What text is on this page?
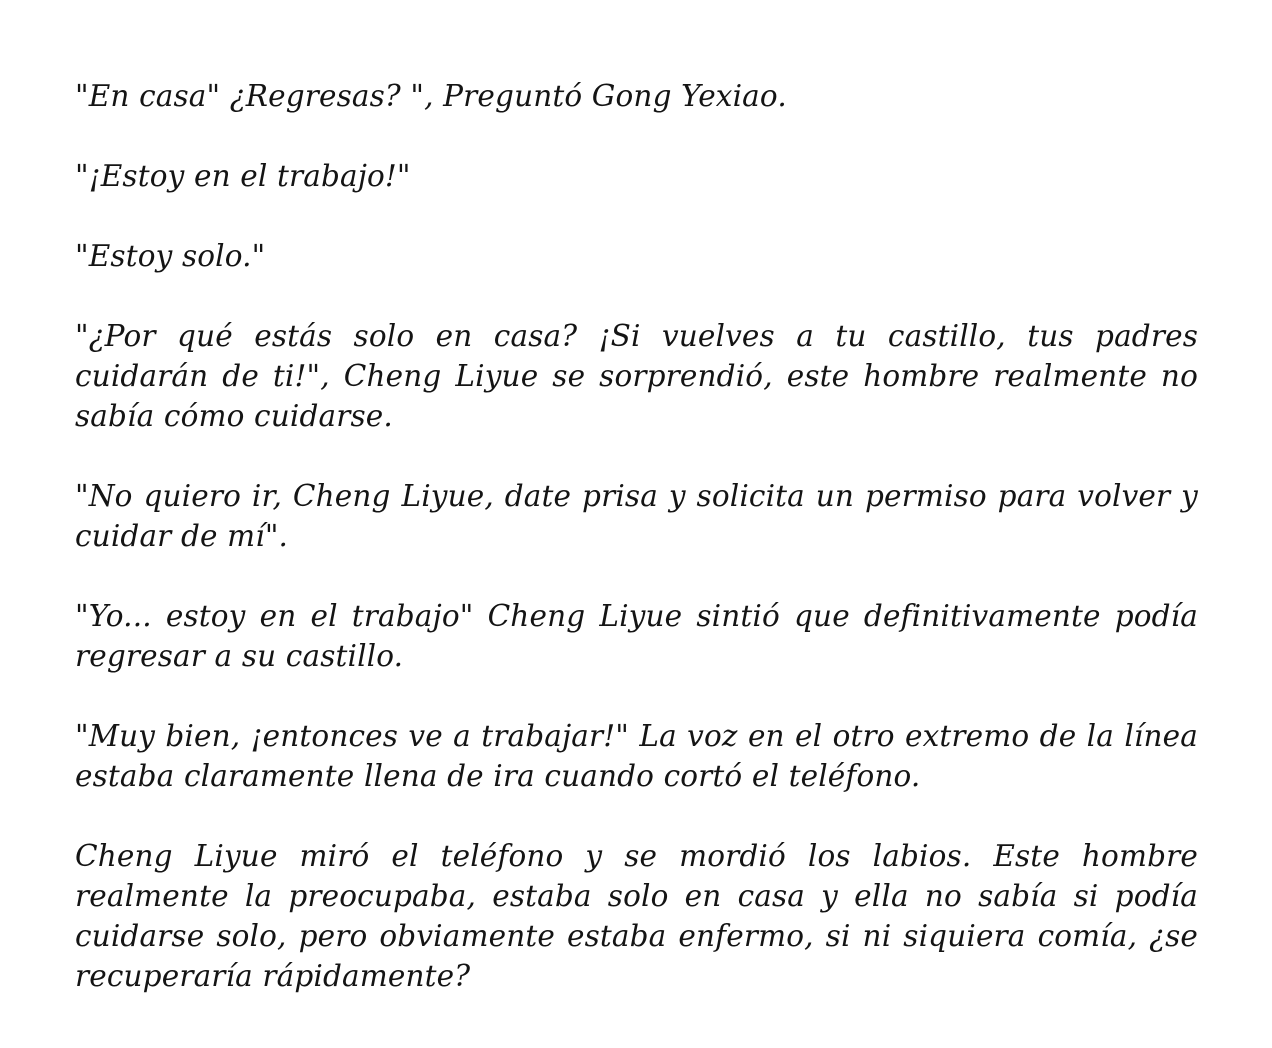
"En casa" ¿Regresas? ", Preguntó Gong Yexiao.

"¡Estoy en el trabajo!"

"Estoy solo."

"¿Por qué estás solo en casa? ¡Si vuelves a tu castillo, tus padres cuidarán de ti!", Cheng Liyue se sorprendió, este hombre realmente no sabía cómo cuidarse.

"No quiero ir, Cheng Liyue, date prisa y solicita un permiso para volver y cuidar de mí".

"Yo... estoy en el trabajo" Cheng Liyue sintió que definitivamente podía regresar a su castillo.

"Muy bien, ¡entonces ve a trabajar!" La voz en el otro extremo de la línea estaba claramente llena de ira cuando cortó el teléfono.

Cheng Liyue miró el teléfono y se mordió los labios. Este hombre realmente la preocupaba, estaba solo en casa y ella no sabía si podía cuidarse solo, pero obviamente estaba enfermo, si ni siquiera comía, ¿se recuperaría rápidamente?
